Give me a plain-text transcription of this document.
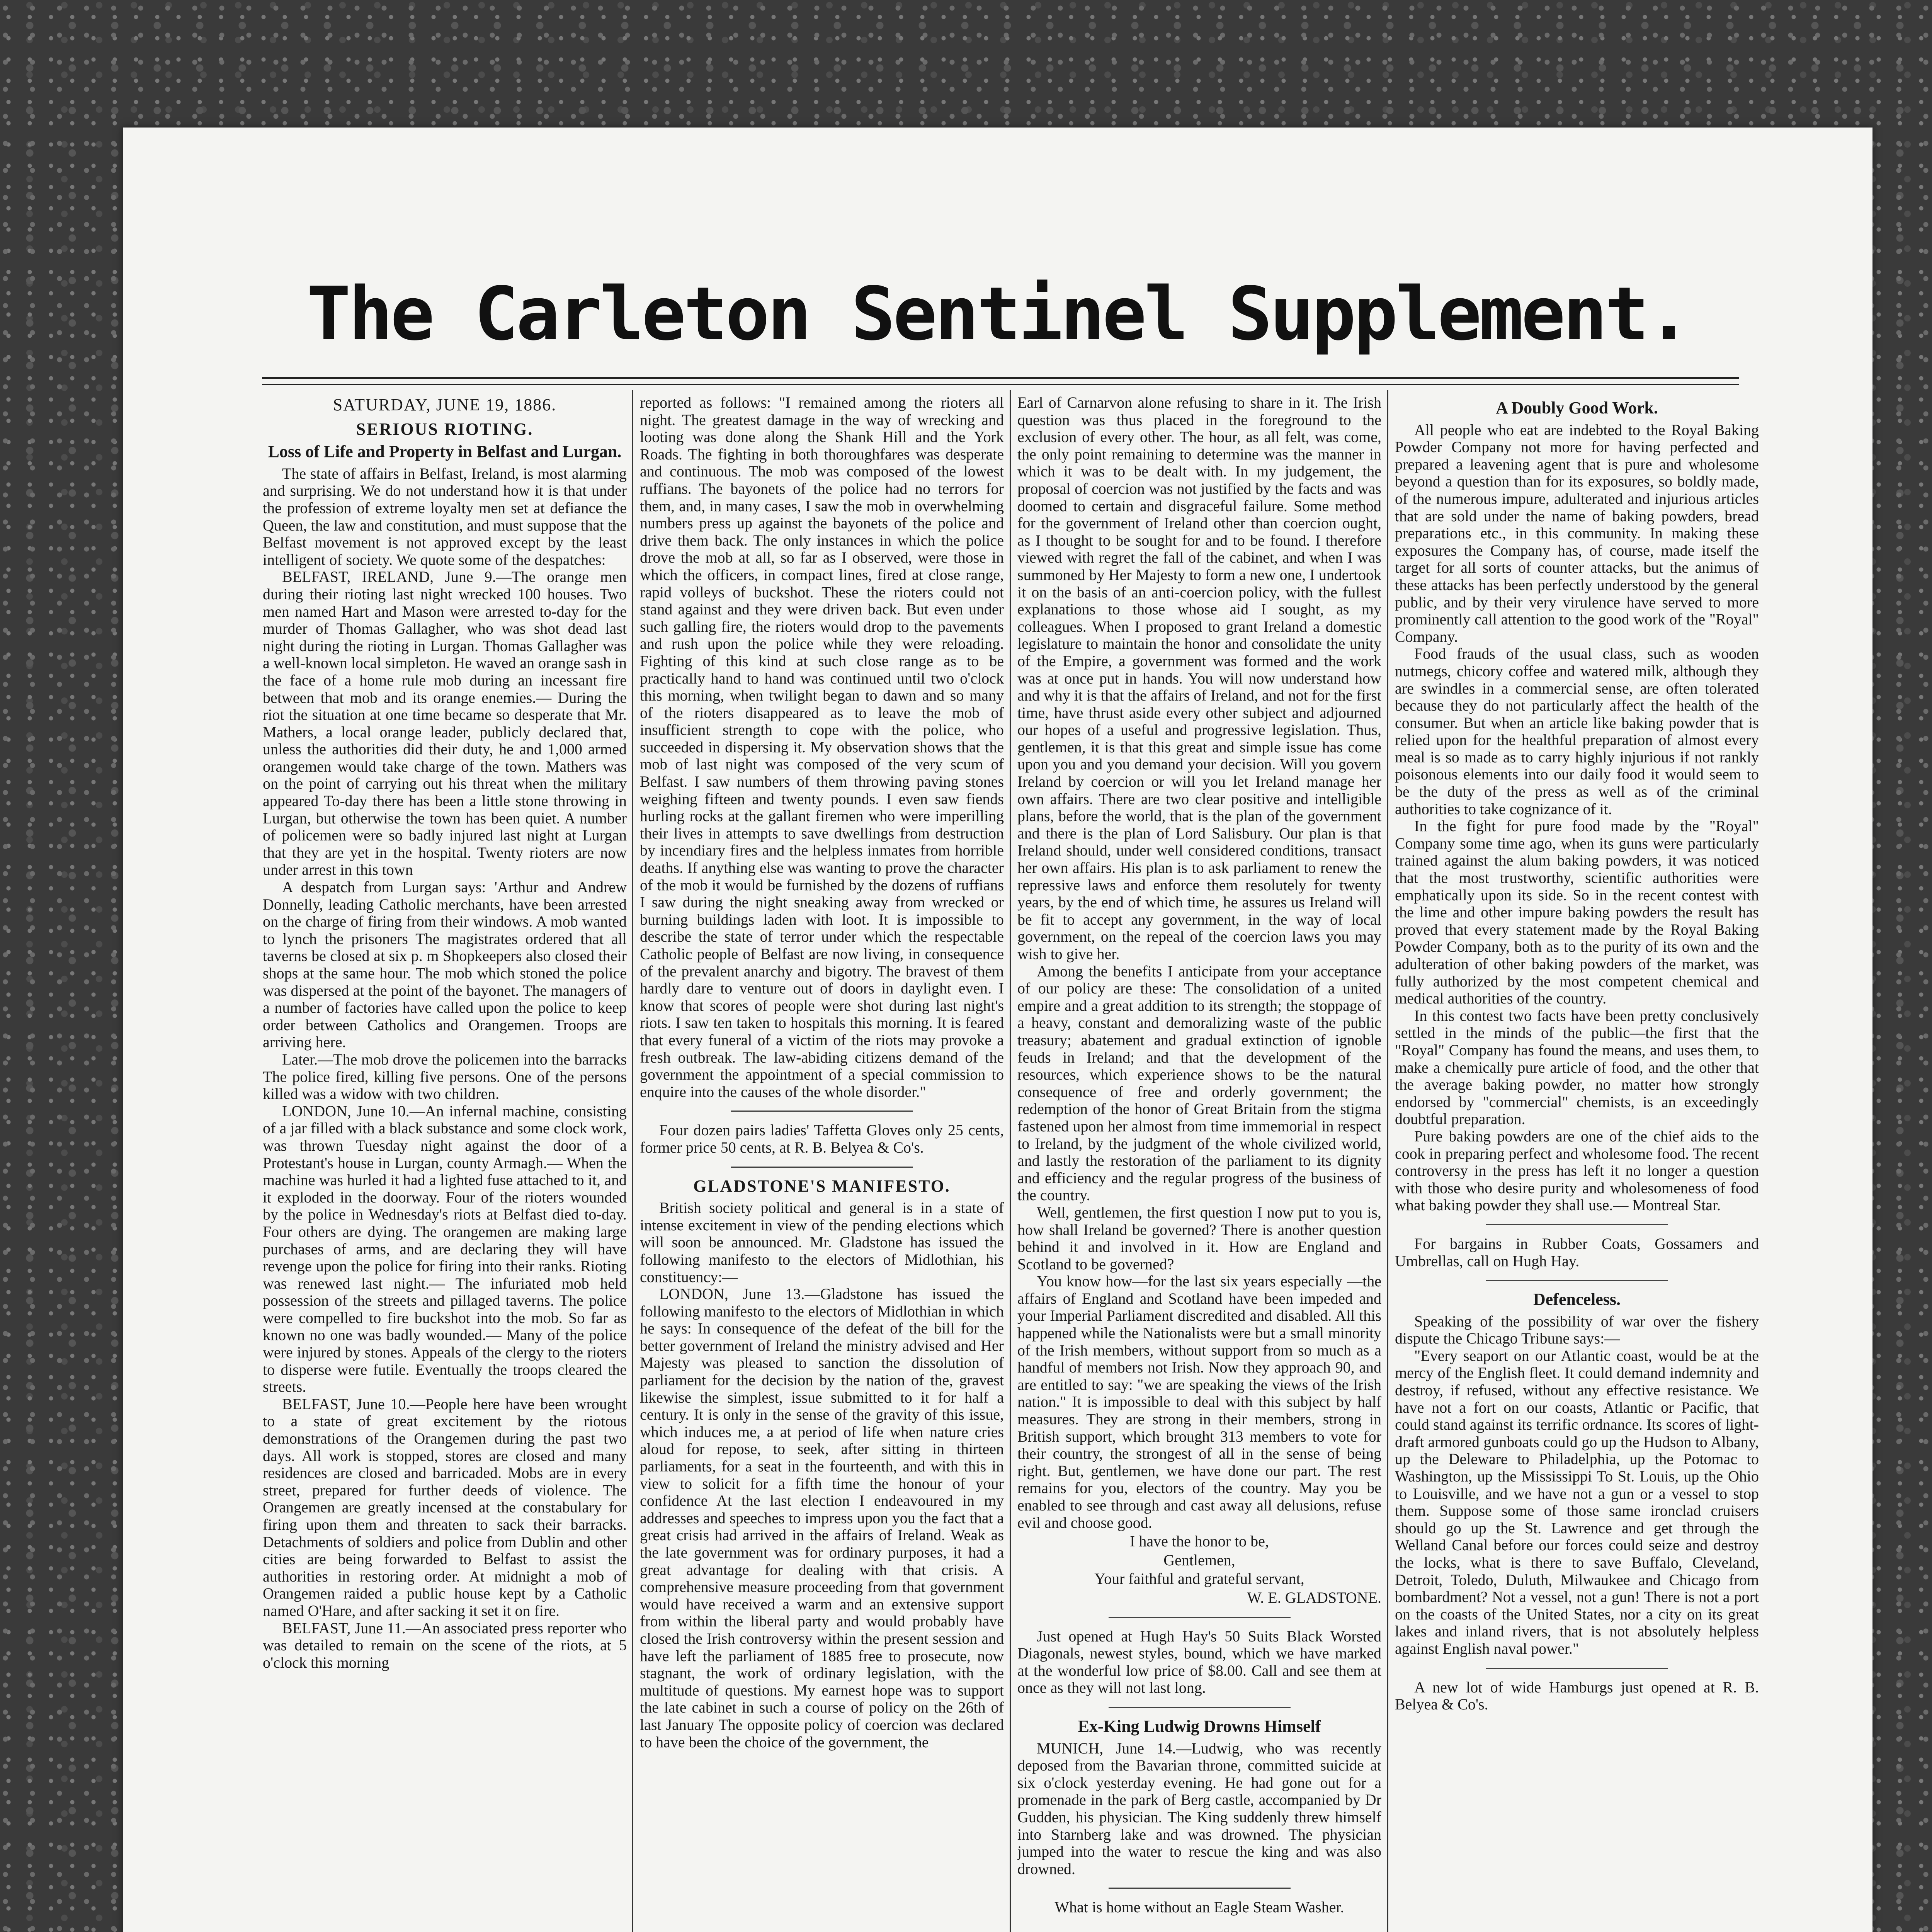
The Carleton Sentinel Supplement.
SATURDAY, JUNE 19, 1886.
SERIOUS RIOTING.
Loss of Life and Property in Belfast and Lurgan.

The state of affairs in Belfast, Ireland, is most alarming and surprising. We do not understand how it is that under the profession of extreme loyalty men set at defiance the Queen, the law and constitution, and must suppose that the Belfast movement is not approved except by the least intelligent of society. We quote some of the despatches:

BELFAST, IRELAND, June 9.—The orange men during their rioting last night wrecked 100 houses. Two men named Hart and Mason were arrested to-day for the murder of Thomas Gallagher, who was shot dead last night during the rioting in Lurgan. Thomas Gallagher was a well-known local simpleton. He waved an orange sash in the face of a home rule mob during an incessant fire between that mob and its orange enemies.— During the riot the situation at one time became so desperate that Mr. Mathers, a local orange leader, publicly declared that, unless the authorities did their duty, he and 1,000 armed orangemen would take charge of the town. Mathers was on the point of carrying out his threat when the military appeared To-day there has been a little stone throwing in Lurgan, but otherwise the town has been quiet. A number of policemen were so badly injured last night at Lurgan that they are yet in the hospital. Twenty rioters are now under arrest in this town

A despatch from Lurgan says: 'Arthur and Andrew Donnelly, leading Catholic merchants, have been arrested on the charge of firing from their windows. A mob wanted to lynch the prisoners The magistrates ordered that all taverns be closed at six p. m Shopkeepers also closed their shops at the same hour. The mob which stoned the police was dispersed at the point of the bayonet. The managers of a number of factories have called upon the police to keep order between Catholics and Orangemen. Troops are arriving here.

Later.—The mob drove the policemen into the barracks The police fired, killing five persons. One of the persons killed was a widow with two children.

LONDON, June 10.—An infernal machine, consisting of a jar filled with a black substance and some clock work, was thrown Tuesday night against the door of a Protestant's house in Lurgan, county Armagh.— When the machine was hurled it had a lighted fuse attached to it, and it exploded in the doorway. Four of the rioters wounded by the police in Wednesday's riots at Belfast died to-day. Four others are dying. The orangemen are making large purchases of arms, and are declaring they will have revenge upon the police for firing into their ranks. Rioting was renewed last night.— The infuriated mob held possession of the streets and pillaged taverns. The police were compelled to fire buckshot into the mob. So far as known no one was badly wounded.— Many of the police were injured by stones. Appeals of the clergy to the rioters to disperse were futile. Eventually the troops cleared the streets.

BELFAST, June 10.—People here have been wrought to a state of great excitement by the riotous demonstrations of the Orangemen during the past two days. All work is stopped, stores are closed and many residences are closed and barricaded. Mobs are in every street, prepared for further deeds of violence. The Orangemen are greatly incensed at the constabulary for firing upon them and threaten to sack their barracks. Detachments of soldiers and police from Dublin and other cities are being forwarded to Belfast to assist the authorities in restoring order. At midnight a mob of Orangemen raided a public house kept by a Catholic named O'Hare, and after sacking it set it on fire.

BELFAST, June 11.—An associated press reporter who was detailed to remain on the scene of the riots, at 5 o'clock this morning

reported as follows: "I remained among the rioters all night. The greatest damage in the way of wrecking and looting was done along the Shank Hill and the York Roads. The fighting in both thoroughfares was desperate and continuous. The mob was composed of the lowest ruffians. The bayonets of the police had no terrors for them, and, in many cases, I saw the mob in overwhelming numbers press up against the bayonets of the police and drive them back. The only instances in which the police drove the mob at all, so far as I observed, were those in which the officers, in compact lines, fired at close range, rapid volleys of buckshot. These the rioters could not stand against and they were driven back. But even under such galling fire, the rioters would drop to the pavements and rush upon the police while they were reloading. Fighting of this kind at such close range as to be practically hand to hand was continued until two o'clock this morning, when twilight began to dawn and so many of the rioters disappeared as to leave the mob of insufficient strength to cope with the police, who succeeded in dispersing it. My observation shows that the mob of last night was composed of the very scum of Belfast. I saw numbers of them throwing paving stones weighing fifteen and twenty pounds. I even saw fiends hurling rocks at the gallant firemen who were imperilling their lives in attempts to save dwellings from destruction by incendiary fires and the helpless inmates from horrible deaths. If anything else was wanting to prove the character of the mob it would be furnished by the dozens of ruffians I saw during the night sneaking away from wrecked or burning buildings laden with loot. It is impossible to describe the state of terror under which the respectable Catholic people of Belfast are now living, in consequence of the prevalent anarchy and bigotry. The bravest of them hardly dare to venture out of doors in daylight even. I know that scores of people were shot during last night's riots. I saw ten taken to hospitals this morning. It is feared that every funeral of a victim of the riots may provoke a fresh outbreak. The law-abiding citizens demand of the government the appointment of a special commission to enquire into the causes of the whole disorder."

Four dozen pairs ladies' Taffetta Gloves only 25 cents, former price 50 cents, at R. B. Belyea & Co's.

GLADSTONE'S MANIFESTO.

British society political and general is in a state of intense excitement in view of the pending elections which will soon be announced. Mr. Gladstone has issued the following manifesto to the electors of Midlothian, his constituency:—

LONDON, June 13.—Gladstone has issued the following manifesto to the electors of Midlothian in which he says: In consequence of the defeat of the bill for the better government of Ireland the ministry advised and Her Majesty was pleased to sanction the dissolution of parliament for the decision by the nation of the, gravest likewise the simplest, issue submitted to it for half a century. It is only in the sense of the gravity of this issue, which induces me, a at period of life when nature cries aloud for repose, to seek, after sitting in thirteen parliaments, for a seat in the fourteenth, and with this in view to solicit for a fifth time the honour of your confidence At the last election I endeavoured in my addresses and speeches to impress upon you the fact that a great crisis had arrived in the affairs of Ireland. Weak as the late government was for ordinary purposes, it had a great advantage for dealing with that crisis. A comprehensive measure proceeding from that government would have received a warm and an extensive support from within the liberal party and would probably have closed the Irish controversy within the present session and have left the parliament of 1885 free to prosecute, now stagnant, the work of ordinary legislation, with the multitude of questions. My earnest hope was to support the late cabinet in such a course of policy on the 26th of last January The opposite policy of coercion was declared to have been the choice of the government, the

Earl of Carnarvon alone refusing to share in it. The Irish question was thus placed in the foreground to the exclusion of every other. The hour, as all felt, was come, the only point remaining to determine was the manner in which it was to be dealt with. In my judgement, the proposal of coercion was not justified by the facts and was doomed to certain and disgraceful failure. Some method for the government of Ireland other than coercion ought, as I thought to be sought for and to be found. I therefore viewed with regret the fall of the cabinet, and when I was summoned by Her Majesty to form a new one, I undertook it on the basis of an anti-coercion policy, with the fullest explanations to those whose aid I sought, as my colleagues. When I proposed to grant Ireland a domestic legislature to maintain the honor and consolidate the unity of the Empire, a government was formed and the work was at once put in hands. You will now understand how and why it is that the affairs of Ireland, and not for the first time, have thrust aside every other subject and adjourned our hopes of a useful and progressive legislation. Thus, gentlemen, it is that this great and simple issue has come upon you and you demand your decision. Will you govern Ireland by coercion or will you let Ireland manage her own affairs. There are two clear positive and intelligible plans, before the world, that is the plan of the government and there is the plan of Lord Salisbury. Our plan is that Ireland should, under well considered conditions, transact her own affairs. His plan is to ask parliament to renew the repressive laws and enforce them resolutely for twenty years, by the end of which time, he assures us Ireland will be fit to accept any government, in the way of local government, on the repeal of the coercion laws you may wish to give her.

Among the benefits I anticipate from your acceptance of our policy are these: The consolidation of a united empire and a great addition to its strength; the stoppage of a heavy, constant and demoralizing waste of the public treasury; abatement and gradual extinction of ignoble feuds in Ireland; and that the development of the resources, which experience shows to be the natural consequence of free and orderly government; the redemption of the honor of Great Britain from the stigma fastened upon her almost from time immemorial in respect to Ireland, by the judgment of the whole civilized world, and lastly the restoration of the parliament to its dignity and efficiency and the regular progress of the business of the country.

Well, gentlemen, the first question I now put to you is, how shall Ireland be governed? There is another question behind it and involved in it. How are England and Scotland to be governed?

You know how—for the last six years especially —the affairs of England and Scotland have been impeded and your Imperial Parliament discredited and disabled. All this happened while the Nationalists were but a small minority of the Irish members, without support from so much as a handful of members not Irish. Now they approach 90, and are entitled to say: "we are speaking the views of the Irish nation." It is impossible to deal with this subject by half measures. They are strong in their members, strong in British support, which brought 313 members to vote for their country, the strongest of all in the sense of being right. But, gentlemen, we have done our part. The rest remains for you, electors of the country. May you be enabled to see through and cast away all delusions, refuse evil and choose good.

I have the honor to be,
Gentlemen,
Your faithful and grateful servant,
W. E. GLADSTONE.

Just opened at Hugh Hay's 50 Suits Black Worsted Diagonals, newest styles, bound, which we have marked at the wonderful low price of $8.00. Call and see them at once as they will not last long.

Ex-King Ludwig Drowns Himself

MUNICH, June 14.—Ludwig, who was recently deposed from the Bavarian throne, committed suicide at six o'clock yesterday evening. He had gone out for a promenade in the park of Berg castle, accompanied by Dr Gudden, his physician. The King suddenly threw himself into Starnberg lake and was drowned. The physician jumped into the water to rescue the king and was also drowned.

What is home without an Eagle Steam Washer.

A Doubly Good Work.

All people who eat are indebted to the Royal Baking Powder Company not more for having perfected and prepared a leavening agent that is pure and wholesome beyond a question than for its exposures, so boldly made, of the numerous impure, adulterated and injurious articles that are sold under the name of baking powders, bread preparations etc., in this community. In making these exposures the Company has, of course, made itself the target for all sorts of counter attacks, but the animus of these attacks has been perfectly understood by the general public, and by their very virulence have served to more prominently call attention to the good work of the "Royal" Company.

Food frauds of the usual class, such as wooden nutmegs, chicory coffee and watered milk, although they are swindles in a commercial sense, are often tolerated because they do not particularly affect the health of the consumer. But when an article like baking powder that is relied upon for the healthful preparation of almost every meal is so made as to carry highly injurious if not rankly poisonous elements into our daily food it would seem to be the duty of the press as well as of the criminal authorities to take cognizance of it.

In the fight for pure food made by the "Royal" Company some time ago, when its guns were particularly trained against the alum baking powders, it was noticed that the most trustworthy, scientific authorities were emphatically upon its side. So in the recent contest with the lime and other impure baking powders the result has proved that every statement made by the Royal Baking Powder Company, both as to the purity of its own and the adulteration of other baking powders of the market, was fully authorized by the most competent chemical and medical authorities of the country.

In this contest two facts have been pretty conclusively settled in the minds of the public—the first that the "Royal" Company has found the means, and uses them, to make a chemically pure article of food, and the other that the average baking powder, no matter how strongly endorsed by "commercial" chemists, is an exceedingly doubtful preparation.

Pure baking powders are one of the chief aids to the cook in preparing perfect and wholesome food. The recent controversy in the press has left it no longer a question with those who desire purity and wholesomeness of food what baking powder they shall use.— Montreal Star.

For bargains in Rubber Coats, Gossamers and Umbrellas, call on Hugh Hay.

Defenceless.

Speaking of the possibility of war over the fishery dispute the Chicago Tribune says:—

"Every seaport on our Atlantic coast, would be at the mercy of the English fleet. It could demand indemnity and destroy, if refused, without any effective resistance. We have not a fort on our coasts, Atlantic or Pacific, that could stand against its terrific ordnance. Its scores of light-draft armored gunboats could go up the Hudson to Albany, up the Deleware to Philadelphia, up the Potomac to Washington, up the Mississippi To St. Louis, up the Ohio to Louisville, and we have not a gun or a vessel to stop them. Suppose some of those same ironclad cruisers should go up the St. Lawrence and get through the Welland Canal before our forces could seize and destroy the locks, what is there to save Buffalo, Cleveland, Detroit, Toledo, Duluth, Milwaukee and Chicago from bombardment? Not a vessel, not a gun! There is not a port on the coasts of the United States, nor a city on its great lakes and inland rivers, that is not absolutely helpless against English naval power."

A new lot of wide Hamburgs just opened at R. B. Belyea & Co's.
